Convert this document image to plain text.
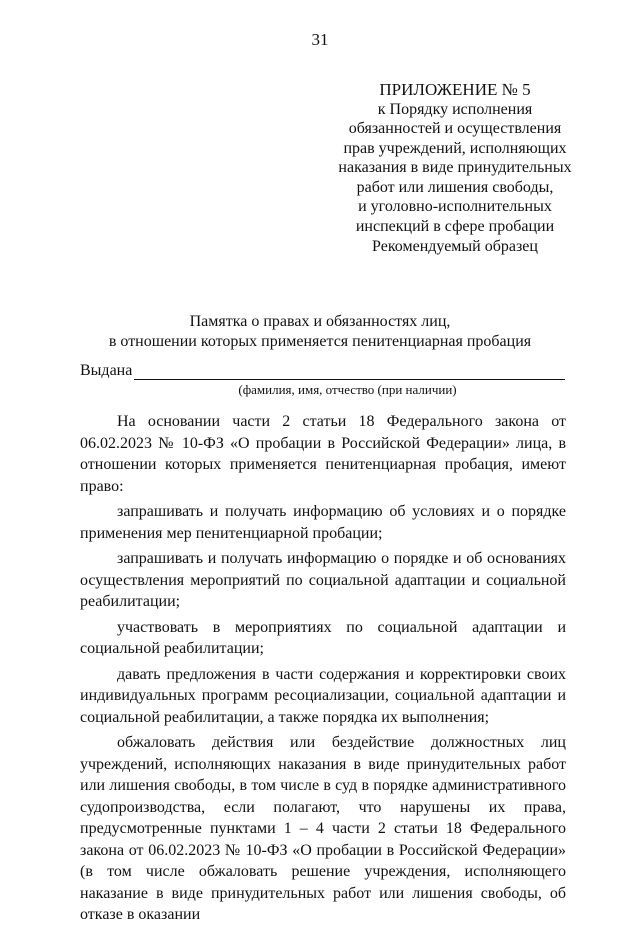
31
ПРИЛОЖЕНИЕ № 5
к Порядку исполнения
обязанностей и осуществления
прав учреждений, исполняющих
наказания в виде принудительных
работ или лишения свободы,
и уголовно-исполнительных
инспекций в сфере пробации
Рекомендуемый образец
Памятка о правах и обязанностях лиц,
в отношении которых применяется пенитенциарная пробация
Выдана
(фамилия, имя, отчество (при наличии)

На основании части 2 статьи 18 Федерального закона от 06.02.2023 № 10-ФЗ «О пробации в Российской Федерации» лица, в отношении которых применяется пенитенциарная пробация, имеют право:

запрашивать и получать информацию об условиях и о порядке применения мер пенитенциарной пробации;

запрашивать и получать информацию о порядке и об основаниях осуществления мероприятий по социальной адаптации и социальной реабилитации;

участвовать в мероприятиях по социальной адаптации и социальной реабилитации;

давать предложения в части содержания и корректировки своих индивидуальных программ ресоциализации, социальной адаптации и социальной реабилитации, а также порядка их выполнения;

обжаловать действия или бездействие должностных лиц учреждений, исполняющих наказания в виде принудительных работ или лишения свободы, в том числе в суд в порядке административного судопроизводства, если полагают, что нарушены их права, предусмотренные пунктами 1 – 4 части 2 статьи 18 Федерального закона от 06.02.2023 № 10-ФЗ «О пробации в Российской Федерации» (в том числе обжаловать решение учреждения, исполняющего наказание в виде принудительных работ или лишения свободы, об отказе в оказании
